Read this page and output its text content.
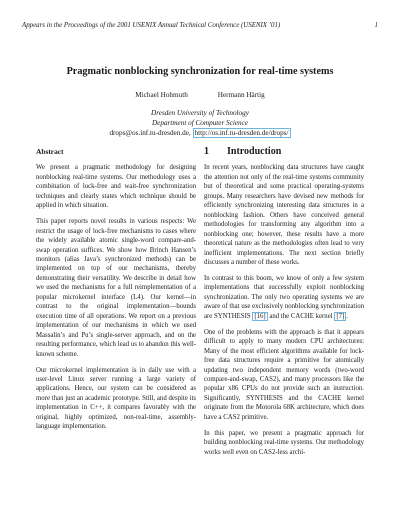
Appears in the Proceedings of the 2001 USENIX Annual Technical Conference (USENIX ’01)	1
Pragmatic nonblocking synchronization for real-time systems
Michael Hohmuth	Hermann Härtig
Dresden University of Technology
Department of Computer Science
drops@os.inf.tu-dresden.de, http://os.inf.tu-dresden.de/drops/
Abstract

We present a pragmatic methodology for designing nonblocking real-time systems. Our methodology uses a combination of lock-free and wait-free synchronization techniques and clearly states which technique should be applied in which situation.

This paper reports novel results in various respects: We restrict the usage of lock-free mechanisms to cases where the widely available atomic single-word compare-and-swap operation suffices. We show how Brinch Hansen’s monitors (alias Java’s synchronized methods) can be implemented on top of our mechanisms, thereby demonstrating their versatility. We describe in detail how we used the mechanisms for a full reimplementation of a popular microkernel interface (L4). Our kernel—in contrast to the original implementation—bounds execution time of all operations. We report on a previous implementation of our mechanisms in which we used Massalin’s and Pu’s single-server approach, and on the resulting performance, which lead us to abandon this well-known scheme.

Our microkernel implementation is in daily use with a user-level Linux server running a large variety of applications. Hence, our system can be considered as more than just an academic prototype. Still, and despite its implementation in C++, it compares favorably with the original, highly optimized, non-real-time, assembly-language implementation.

1 Introduction

In recent years, nonblocking data structures have caught the attention not only of the real-time systems community but of theoretical and some practical operating-systems groups. Many researchers have devised new methods for efficiently synchronizing interesting data structures in a nonblocking fashion. Others have conceived general methodologies for transforming any algorithm into a nonblocking one; however, these results have a more theoretical nature as the methodologies often lead to very inefficient implementations. The next section briefly discusses a number of these works.

In contrast to this boom, we know of only a few system implementations that successfully exploit nonblocking synchronization. The only two operating systems we are aware of that use exclusively nonblocking synchronization are SYNTHESIS [16] and the CACHE kernel [7] .

One of the problems with the approach is that it appears difficult to apply to many modern CPU architectures: Many of the most efficient algorithms available for lock-free data structures require a primitive for atomically updating two independent memory words (two-word compare-and-swap, CAS2), and many processors like the popular x86 CPUs do not provide such an instruction. Significantly, SYNTHESIS and the CACHE kernel originate from the Motorola 68K architecture, which does have a CAS2 primitive.

In this paper, we present a pragmatic approach for building nonblocking real-time systems. Our methodology works well even on CAS2-less archi-
